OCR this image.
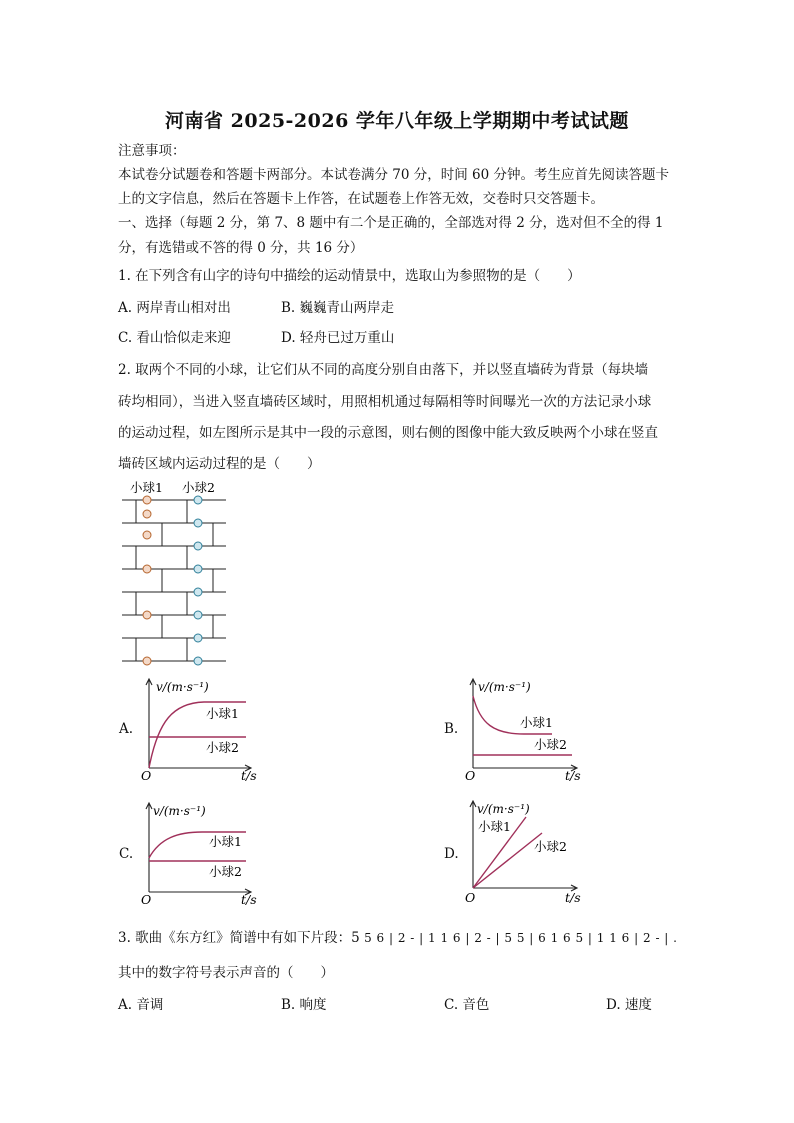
河南省 2025-2026 学年八年级上学期期中考试试题
注意事项：
本试卷分试题卷和答题卡两部分。本试卷满分 70 分，时间 60 分钟。考生应首先阅读答题卡
上的文字信息，然后在答题卡上作答，在试题卷上作答无效，交卷时只交答题卡。
一、选择（每题 2 分，第 7、8 题中有二个是正确的，全部选对得 2 分，选对但不全的得 1
分，有选错或不答的得 0 分，共 16 分）
1. 在下列含有山字的诗句中描绘的运动情景中，选取山为参照物的是（　　）
A. 两岸青山相对出	B. 巍巍青山两岸走
C. 看山恰似走来迎	D. 轻舟已过万重山
2. 取两个不同的小球，让它们从不同的高度分别自由落下，并以竖直墙砖为背景（每块墙
砖均相同），当进入竖直墙砖区域时，用照相机通过每隔相等时间曝光一次的方法记录小球
的运动过程，如左图所示是其中一段的示意图，则右侧的图像中能大致反映两个小球在竖直
墙砖区域内运动过程的是（　　）
小球1 小球2
A.
v/(m·s⁻¹)
小球1
小球2
O	t/s
B.
v/(m·s⁻¹)
小球1
小球2
O	t/s
C.
v/(m·s⁻¹)
小球1
小球2
O	t/s
D.
v/(m·s⁻¹)
小球1
小球2
O	t/s
3. 歌曲《东方红》简谱中有如下片段：5 5 6 | 2 - | 1 1 6 | 2 - | 5 5 | 6 1 6 5 | 1 1 6 | 2 - | .
其中的数字符号表示声音的（　　）
A. 音调	B. 响度	C. 音色	D. 速度
